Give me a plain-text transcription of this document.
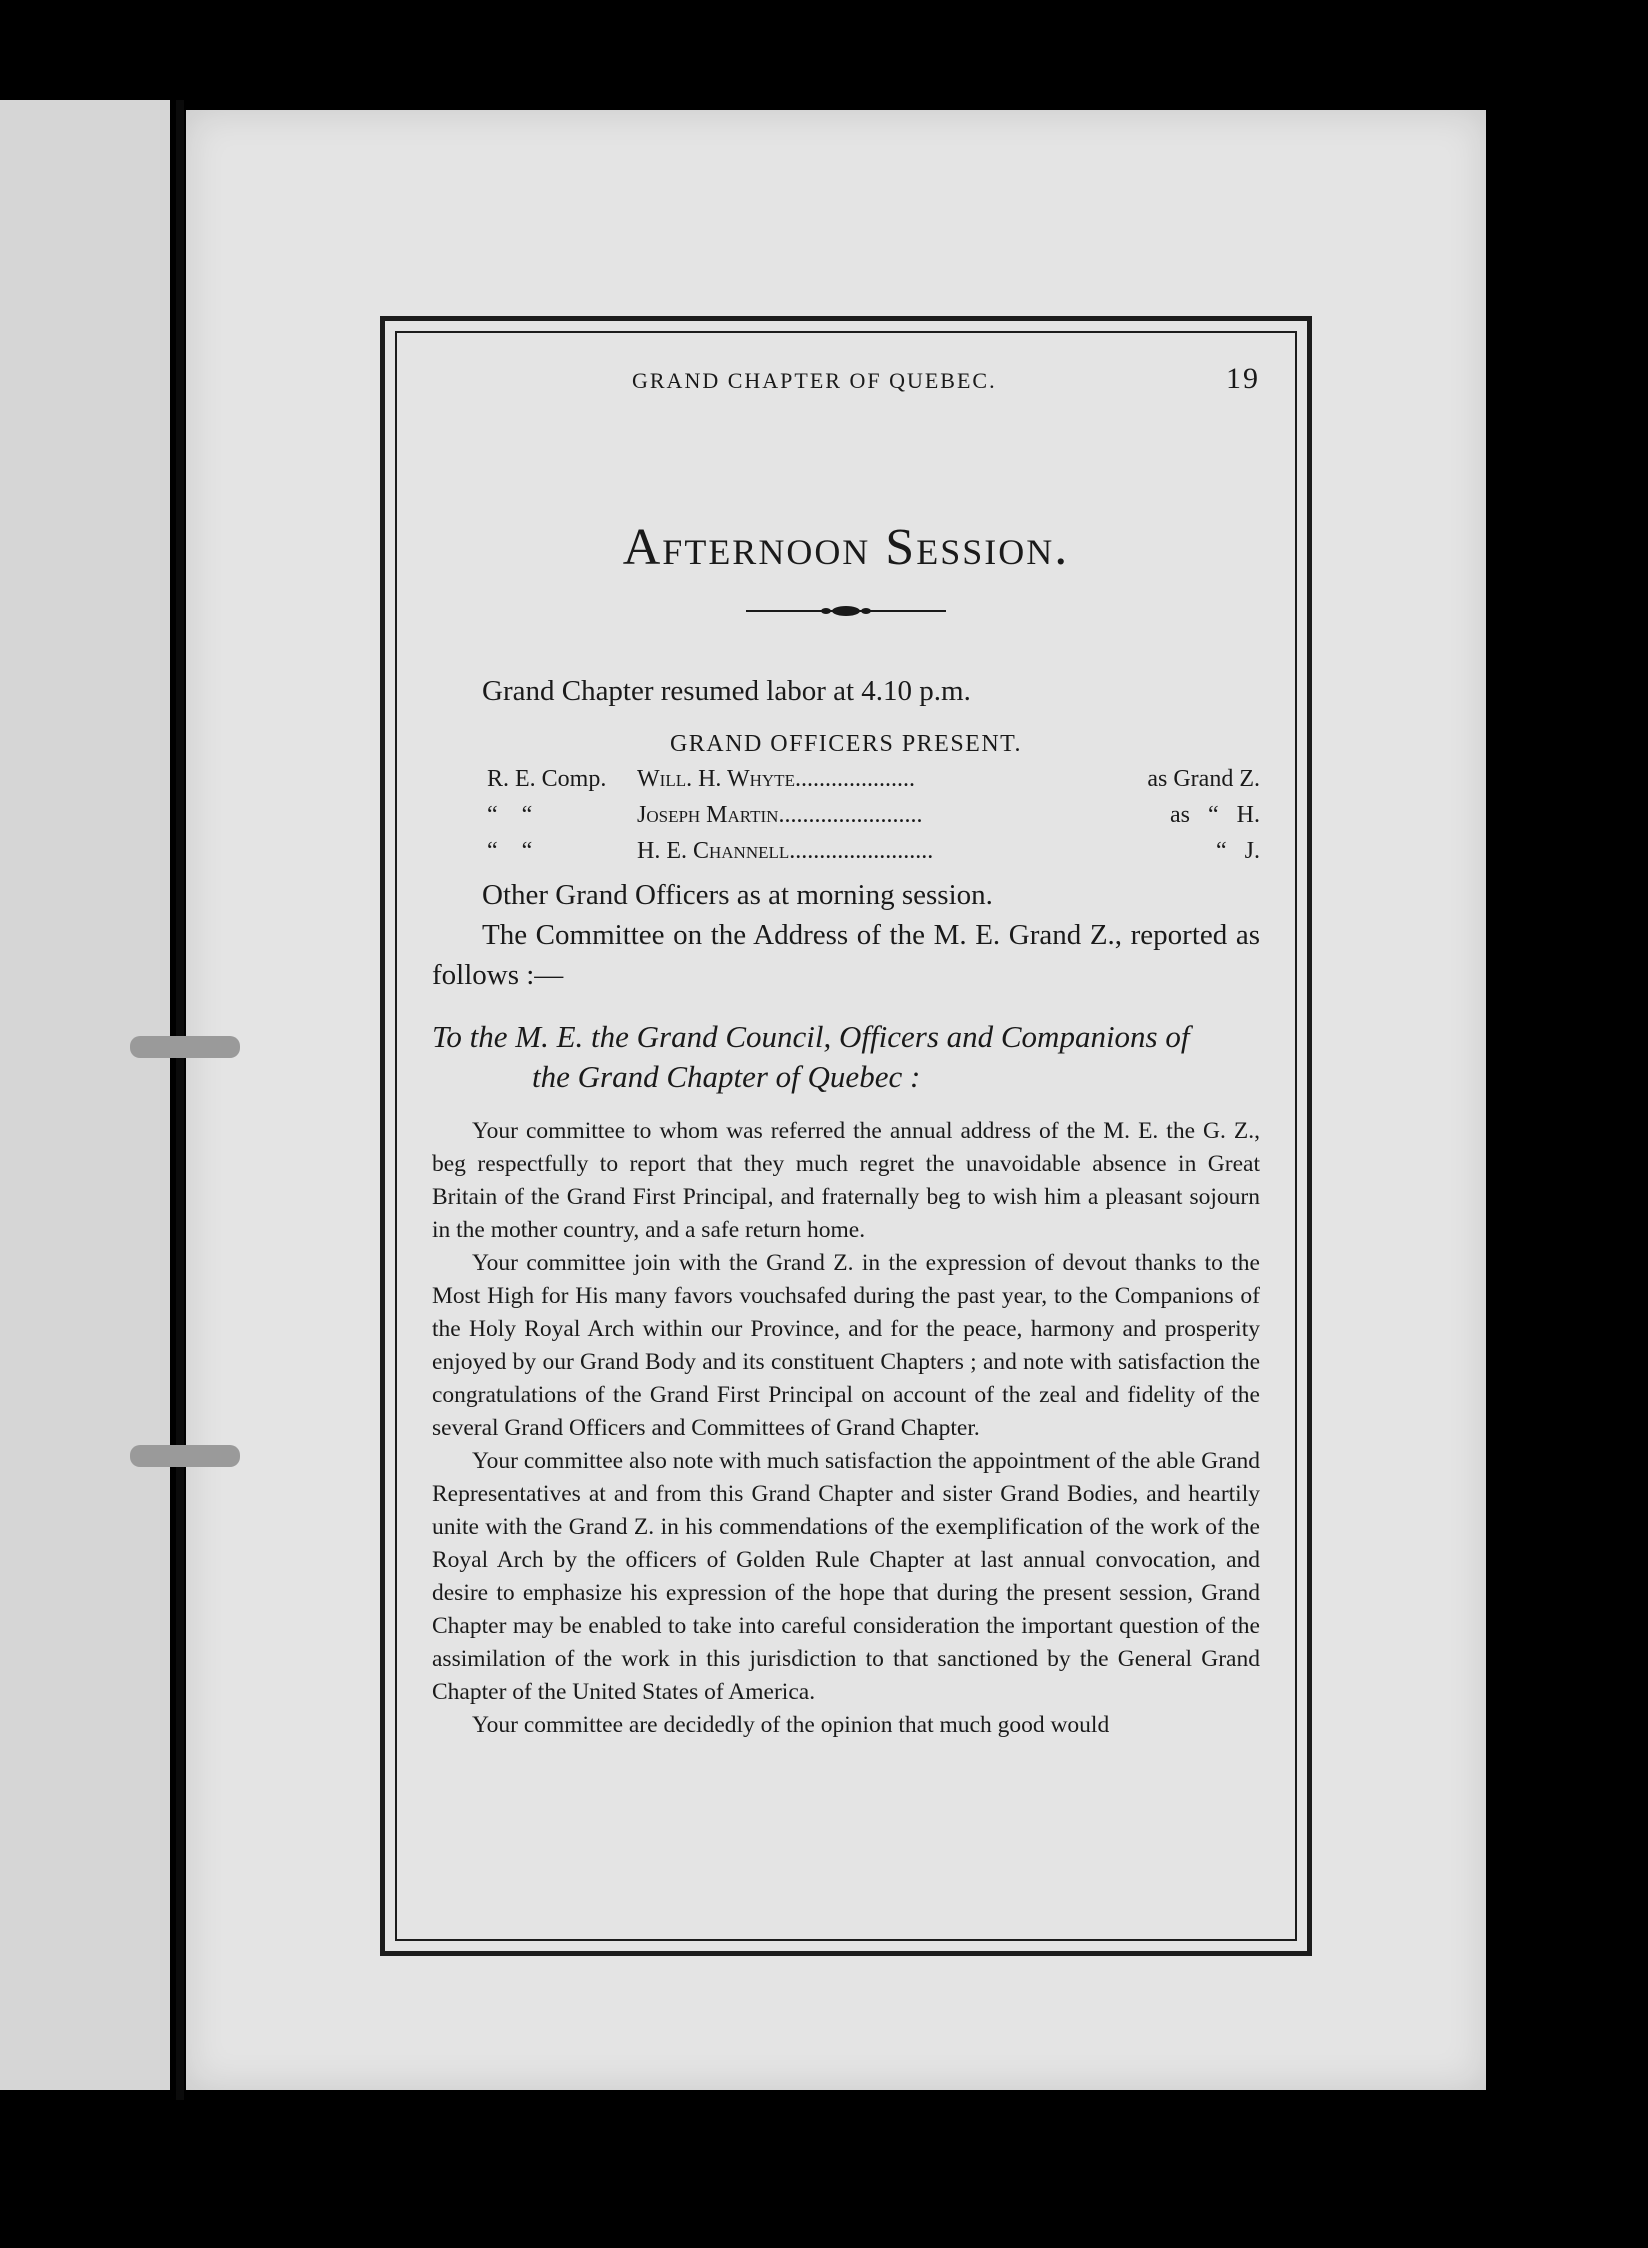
GRAND CHAPTER OF QUEBEC.	19
Afternoon Session.
Grand Chapter resumed labor at 4.10 p.m.
GRAND OFFICERS PRESENT.
R. E. Comp.	Will. H. Whyte....................	as Grand Z.
“    “	Joseph Martin........................	as   “   H.
“    “	H. E. Channell........................	“   J.
Other Grand Officers as at morning session.
The Committee on the Address of the M. E. Grand Z., reported as follows :—
To the M. E. the Grand Council, Officers and Companions of
the Grand Chapter of Quebec :

Your committee to whom was referred the annual address of the M. E. the G. Z., beg respectfully to report that they much regret the unavoidable absence in Great Britain of the Grand First Principal, and fraternally beg to wish him a pleasant sojourn in the mother country, and a safe return home.

Your committee join with the Grand Z. in the expression of devout thanks to the Most High for His many favors vouchsafed during the past year, to the Companions of the Holy Royal Arch within our Province, and for the peace, harmony and prosperity enjoyed by our Grand Body and its constituent Chapters ; and note with satisfaction the congratulations of the Grand First Principal on account of the zeal and fidelity of the several Grand Officers and Committees of Grand Chapter.

Your committee also note with much satisfaction the appointment of the able Grand Representatives at and from this Grand Chapter and sister Grand Bodies, and heartily unite with the Grand Z. in his commendations of the exemplification of the work of the Royal Arch by the officers of Golden Rule Chapter at last annual convocation, and desire to emphasize his expression of the hope that during the present session, Grand Chapter may be enabled to take into careful consideration the important question of the assimilation of the work in this jurisdiction to that sanctioned by the General Grand Chapter of the United States of America.

Your committee are decidedly of the opinion that much good would
